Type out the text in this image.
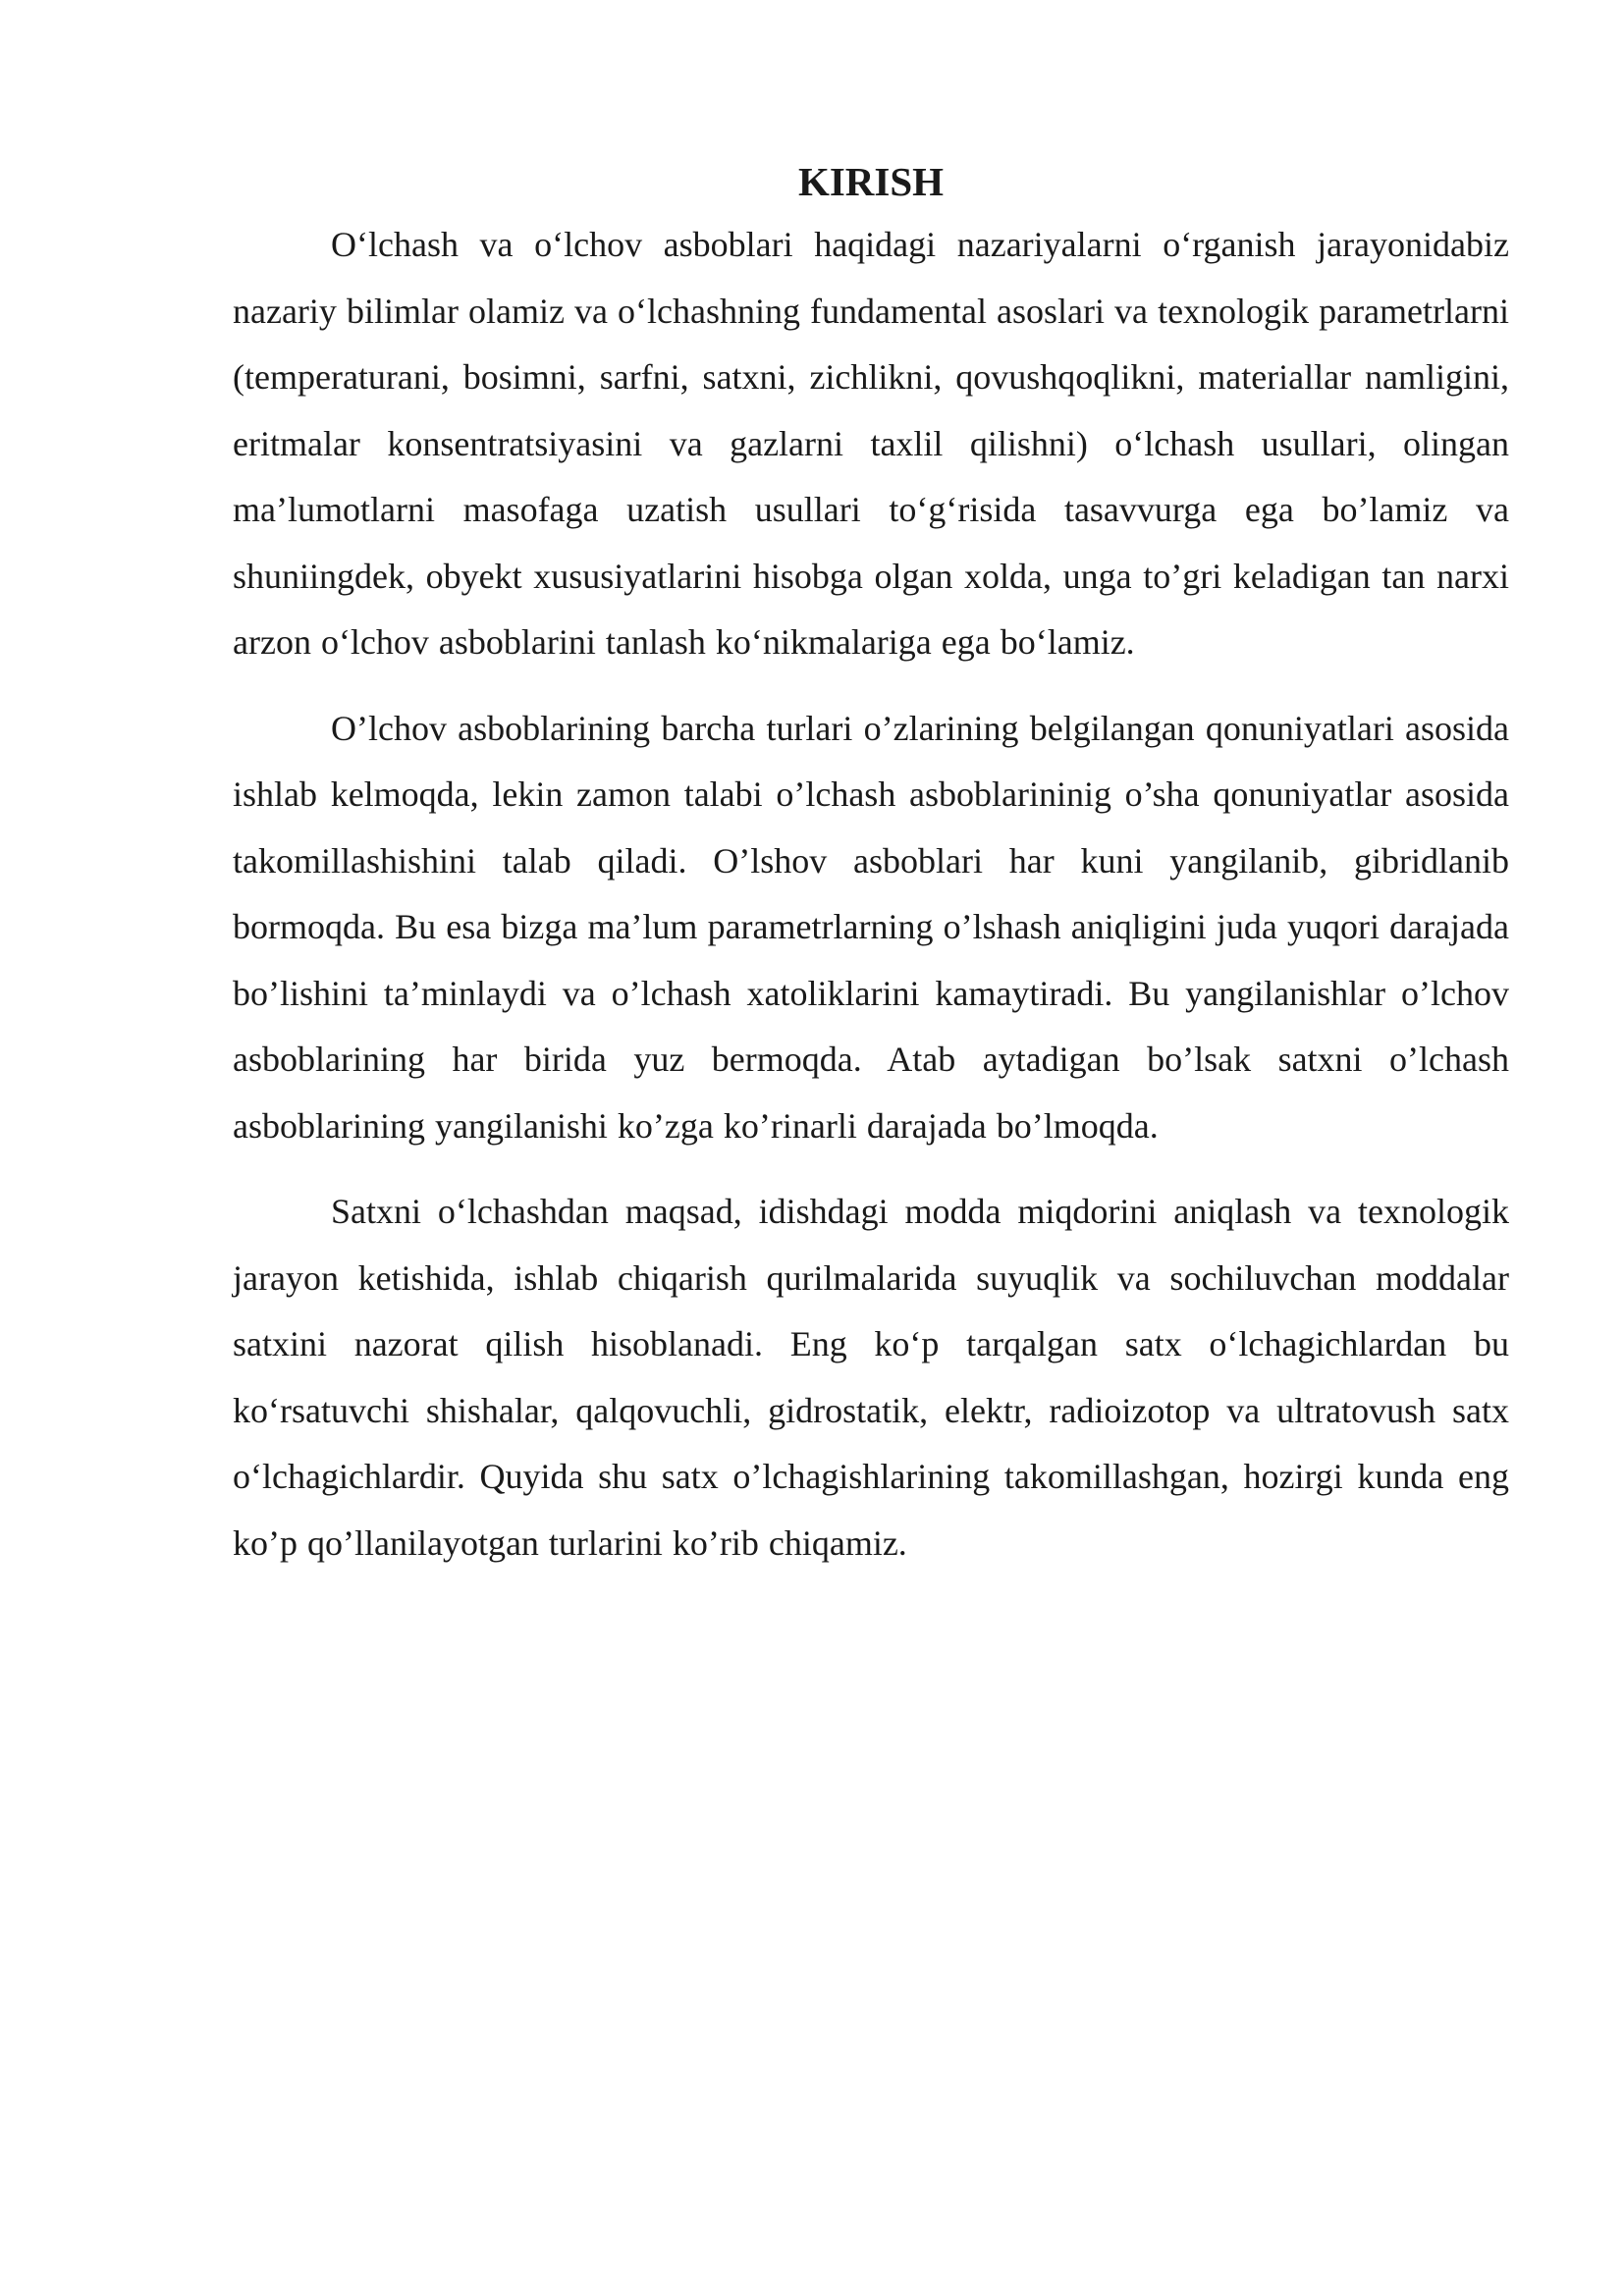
KIRISH

O‘lchash va o‘lchov asboblari haqidagi nazariyalarni o‘rganish jarayonidabiz nazariy bilimlar olamiz va o‘lchashning fundamental asoslari va texnologik parametrlarni (temperaturani, bosimni, sarfni, satxni, zichlikni, qovushqoqlikni, materiallar namligini, eritmalar konsentratsiyasini va gazlarni taxlil qilishni) o‘lchash usullari, olingan ma’lumotlarni masofaga uzatish usullari to‘g‘risida tasavvurga ega bo’lamiz va shuniingdek, obyekt xususiyatlarini hisobga olgan xolda, unga to’gri keladigan tan narxi arzon o‘lchov asboblarini tanlash ko‘nikmalariga ega bo‘lamiz.

O’lchov asboblarining barcha turlari o’zlarining belgilangan qonuniyatlari asosida ishlab kelmoqda, lekin zamon talabi o’lchash asboblarininig o’sha qonuniyatlar asosida takomillashishini talab qiladi. O’lshov asboblari har kuni yangilanib, gibridlanib bormoqda. Bu esa bizga ma’lum parametrlarning o’lshash aniqligini juda yuqori darajada bo’lishini ta’minlaydi va o’lchash xatoliklarini kamaytiradi. Bu yangilanishlar o’lchov asboblarining har birida yuz bermoqda. Atab aytadigan bo’lsak satxni o’lchash asboblarining yangilanishi ko’zga ko’rinarli darajada bo’lmoqda.

Satxni o‘lchashdan maqsad, idishdagi modda miqdorini aniqlash va texnologik jarayon ketishida, ishlab chiqarish qurilmalarida suyuqlik va sochiluvchan moddalar satxini nazorat qilish hisoblanadi. Eng ko‘p tarqalgan satx o‘lchagichlardan bu ko‘rsatuvchi shishalar, qalqovuchli, gidrostatik, elektr, radioizotop va ultratovush satx o‘lchagichlardir. Quyida shu satx o’lchagishlarining takomillashgan, hozirgi kunda eng ko’p qo’llanilayotgan turlarini ko’rib chiqamiz.
